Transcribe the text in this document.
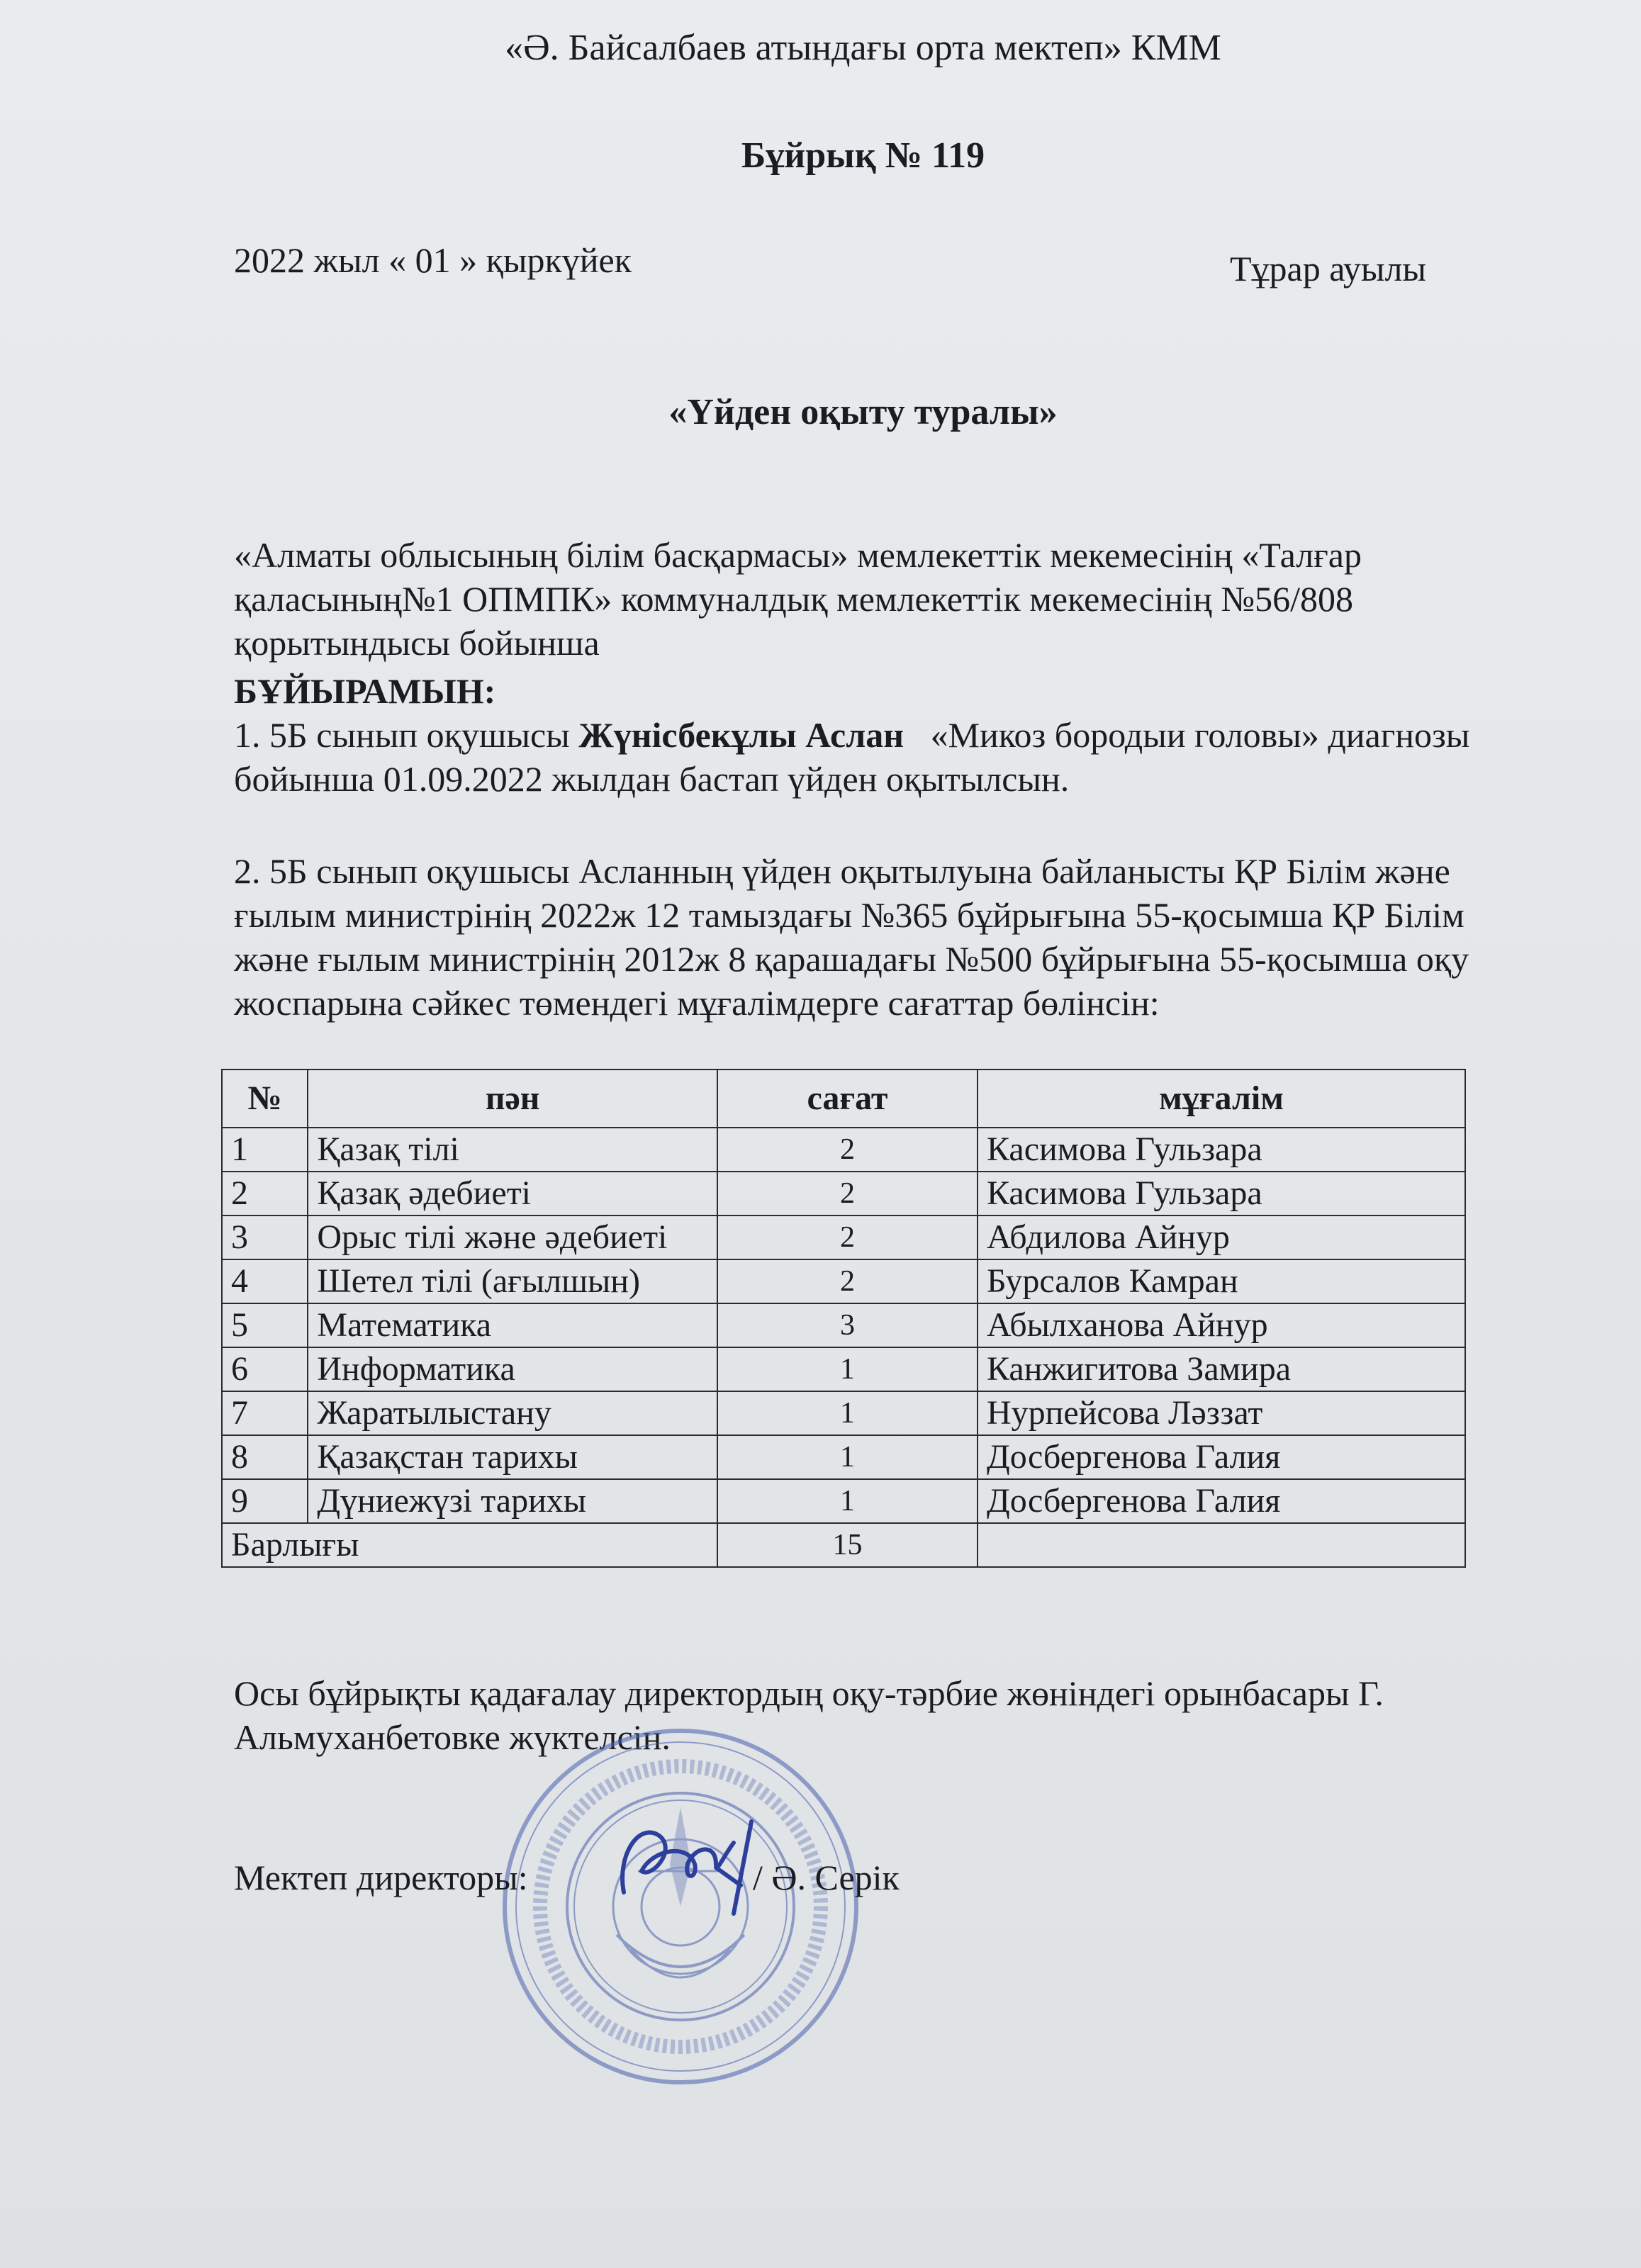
«Ә. Байсалбаев атындағы орта мектеп» КММ
Бұйрық № 119
2022 жыл « 01 » қыркүйек	Тұрар ауылы
«Үйден оқыту туралы»
«Алматы облысының білім басқармасы» мемлекеттік мекемесінің «Талғар қаласының№1 ОПМПК» коммуналдық мемлекеттік мекемесінің №56/808 қорытындысы бойынша
БҰЙЫРАМЫН:
1. 5Б сынып оқушысы Жүнісбекұлы Аслан   «Микоз бородыи головы» диагнозы бойынша 01.09.2022 жылдан бастап үйден оқытылсын.
2. 5Б сынып оқушысы Асланның үйден оқытылуына байланысты ҚР Білім және ғылым министрінің 2022ж 12 тамыздағы №365 бұйрығына 55-қосымша ҚР Білім және ғылым министрінің 2012ж 8 қарашадағы №500 бұйрығына 55-қосымша оқу жоспарына сәйкес төмендегі мұғалімдерге сағаттар бөлінсін:
№	пән	сағат	мұғалім
1	Қазақ тілі	2	Касимова Гульзара
2	Қазақ әдебиеті	2	Касимова Гульзара
3	Орыс тілі және әдебиеті	2	Абдилова Айнур
4	Шетел тілі (ағылшын)	2	Бурсалов Камран
5	Математика	3	Абылханова Айнур
6	Информатика	1	Канжигитова Замира
7	Жаратылыстану	1	Нурпейсова Ләззат
8	Қазақстан тарихы	1	Досбергенова Галия
9	Дүниежүзі тарихы	1	Досбергенова Галия
Барлығы		15	
Осы бұйрықты қадағалау директордың оқу-тәрбие жөніндегі орынбасары Г. Альмуханбетовке жүктелсін.
Мектеп директоры:	/ Ә. Серік
